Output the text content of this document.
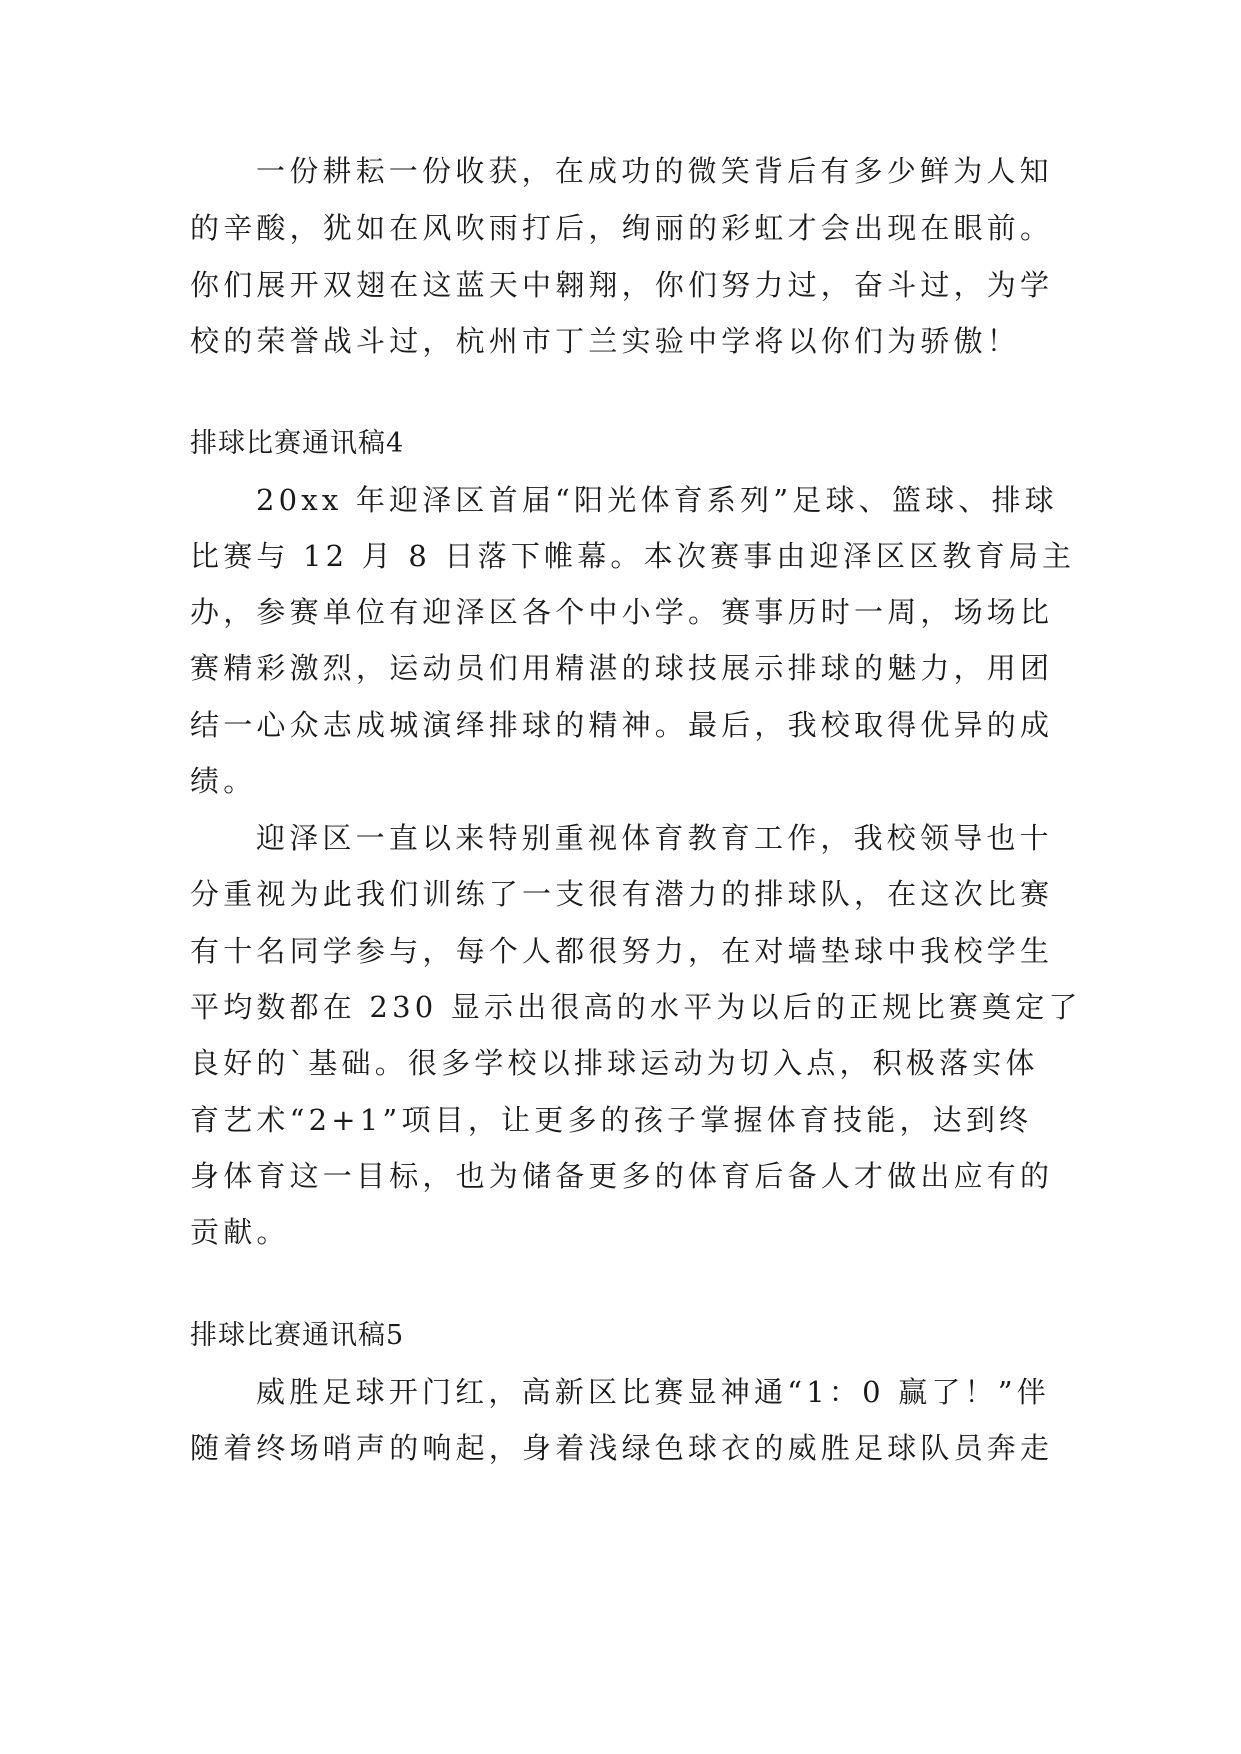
一份耕耘一份收获，在成功的微笑背后有多少鲜为人知
的辛酸，犹如在风吹雨打后，绚丽的彩虹才会出现在眼前。
你们展开双翅在这蓝天中翱翔，你们努力过，奋斗过，为学
校的荣誉战斗过，杭州市丁兰实验中学将以你们为骄傲！
排球比赛通讯稿4
20xx 年迎泽区首届“阳光体育系列”足球、篮球、排球
比赛与 12 月 8 日落下帷幕。本次赛事由迎泽区区教育局主
办，参赛单位有迎泽区各个中小学。赛事历时一周，场场比
赛精彩激烈，运动员们用精湛的球技展示排球的魅力，用团
结一心众志成城演绎排球的精神。最后，我校取得优异的成
绩。
迎泽区一直以来特别重视体育教育工作，我校领导也十
分重视为此我们训练了一支很有潜力的排球队，在这次比赛
有十名同学参与，每个人都很努力，在对墙垫球中我校学生
平均数都在 230 显示出很高的水平为以后的正规比赛奠定了
良好的`基础。很多学校以排球运动为切入点，积极落实体
育艺术“2+1”项目，让更多的孩子掌握体育技能，达到终
身体育这一目标，也为储备更多的体育后备人才做出应有的
贡献。
排球比赛通讯稿5
威胜足球开门红，高新区比赛显神通“1：0 赢了！”伴
随着终场哨声的响起，身着浅绿色球衣的威胜足球队员奔走
